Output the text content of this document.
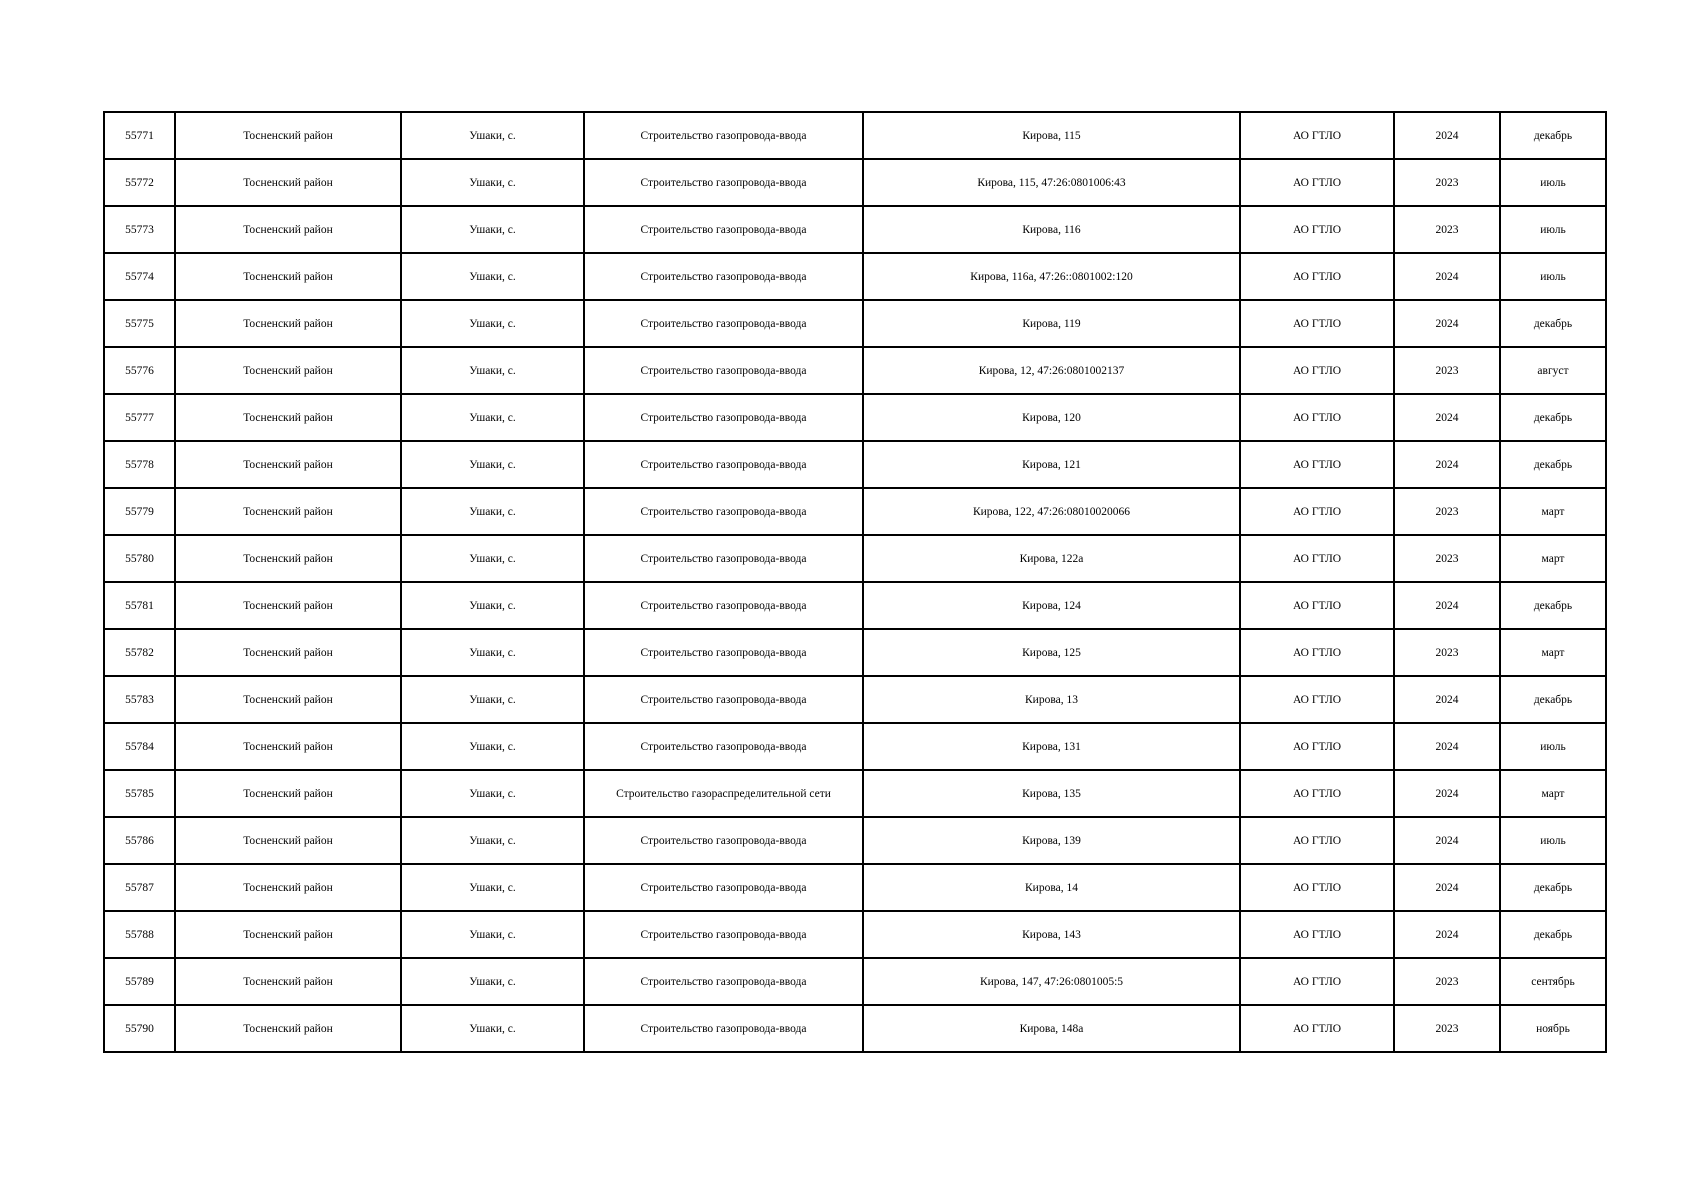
55771	Тосненский район	Ушаки, с.	Строительство газопровода-ввода	Кирова, 115	АО ГТЛО	2024	декабрь
55772	Тосненский район	Ушаки, с.	Строительство газопровода-ввода	Кирова, 115, 47:26:0801006:43	АО ГТЛО	2023	июль
55773	Тосненский район	Ушаки, с.	Строительство газопровода-ввода	Кирова, 116	АО ГТЛО	2023	июль
55774	Тосненский район	Ушаки, с.	Строительство газопровода-ввода	Кирова, 116а, 47:26::0801002:120	АО ГТЛО	2024	июль
55775	Тосненский район	Ушаки, с.	Строительство газопровода-ввода	Кирова, 119	АО ГТЛО	2024	декабрь
55776	Тосненский район	Ушаки, с.	Строительство газопровода-ввода	Кирова, 12, 47:26:0801002137	АО ГТЛО	2023	август
55777	Тосненский район	Ушаки, с.	Строительство газопровода-ввода	Кирова, 120	АО ГТЛО	2024	декабрь
55778	Тосненский район	Ушаки, с.	Строительство газопровода-ввода	Кирова, 121	АО ГТЛО	2024	декабрь
55779	Тосненский район	Ушаки, с.	Строительство газопровода-ввода	Кирова, 122, 47:26:08010020066	АО ГТЛО	2023	март
55780	Тосненский район	Ушаки, с.	Строительство газопровода-ввода	Кирова, 122а	АО ГТЛО	2023	март
55781	Тосненский район	Ушаки, с.	Строительство газопровода-ввода	Кирова, 124	АО ГТЛО	2024	декабрь
55782	Тосненский район	Ушаки, с.	Строительство газопровода-ввода	Кирова, 125	АО ГТЛО	2023	март
55783	Тосненский район	Ушаки, с.	Строительство газопровода-ввода	Кирова, 13	АО ГТЛО	2024	декабрь
55784	Тосненский район	Ушаки, с.	Строительство газопровода-ввода	Кирова, 131	АО ГТЛО	2024	июль
55785	Тосненский район	Ушаки, с.	Строительство газораспределительной сети	Кирова, 135	АО ГТЛО	2024	март
55786	Тосненский район	Ушаки, с.	Строительство газопровода-ввода	Кирова, 139	АО ГТЛО	2024	июль
55787	Тосненский район	Ушаки, с.	Строительство газопровода-ввода	Кирова, 14	АО ГТЛО	2024	декабрь
55788	Тосненский район	Ушаки, с.	Строительство газопровода-ввода	Кирова, 143	АО ГТЛО	2024	декабрь
55789	Тосненский район	Ушаки, с.	Строительство газопровода-ввода	Кирова, 147, 47:26:0801005:5	АО ГТЛО	2023	сентябрь
55790	Тосненский район	Ушаки, с.	Строительство газопровода-ввода	Кирова, 148а	АО ГТЛО	2023	ноябрь
